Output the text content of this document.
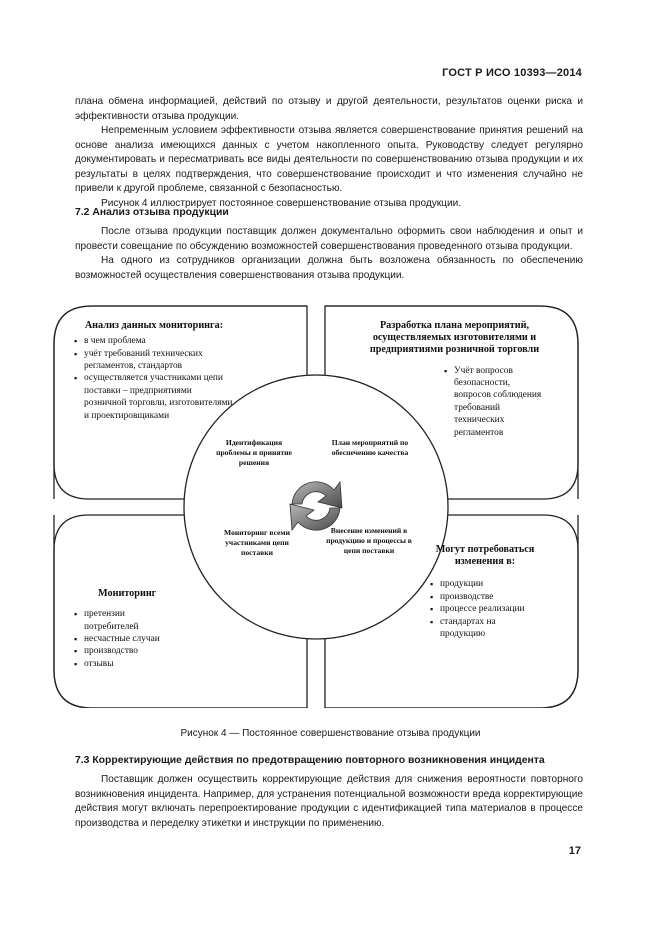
ГОСТ Р ИСО 10393—2014

плана обмена информацией, действий по отзыву и другой деятельности, результатов оценки риска и эффективности отзыва продукции.

Непременным условием эффективности отзыва является совершенствование принятия решений на основе анализа имеющихся данных с учетом накопленного опыта. Руководству следует регулярно документировать и пересматривать все виды деятельности по совершенствованию отзыва продукции и их результаты в целях подтверждения, что совершенствование происходит и что изменения случайно не привели к другой проблеме, связанной с безопасностью.

Рисунок 4 иллюстрирует постоянное совершенствование отзыва продукции.

7.2 Анализ отзыва продукции

После отзыва продукции поставщик должен документально оформить свои наблюдения и опыт и провести совещание по обсуждению возможностей совершенствования проведенного отзыва продукции.

На одного из сотрудников организации должна быть возложена обязанность по обеспечению возможностей осуществления совершенствования отзыва продукции.

Анализ данных мониторинга:
▪ в чем проблема
▪ учёт требований технических регламентов, стандартов
▪ осуществляется участниками цепи поставки – предприятиями розничной торговли, изготовителями и проектировщиками
Разработка плана мероприятий, осуществляемых изготовителями и предприятиями розничной торговли
▪ Учёт вопросов безопасности, вопросов соблюдения требований технических регламентов
Мониторинг
▪ претензии потребителей
▪ несчастные случаи
▪ производство
▪ отзывы
Могут потребоваться изменения в:
▪ продукции
▪ производстве
▪ процессе реализации
▪ стандартах на продукцию
Идентификация проблемы и принятие решения
План мероприятий по обеспечению качества
Мониторинг всеми участниками цепи поставки
Внесение изменений в продукцию и процессы в цепи поставки
Рисунок 4 — Постоянное совершенствование отзыва продукции
7.3 Корректирующие действия по предотвращению повторного возникновения инцидента

Поставщик должен осуществить корректирующие действия для снижения вероятности повторного возникновения инцидента. Например, для устранения потенциальной возможности вреда корректирующие действия могут включать перепроектирование продукции с идентификацией типа материалов в процессе производства и переделку этикетки и инструкции по применению.

17
